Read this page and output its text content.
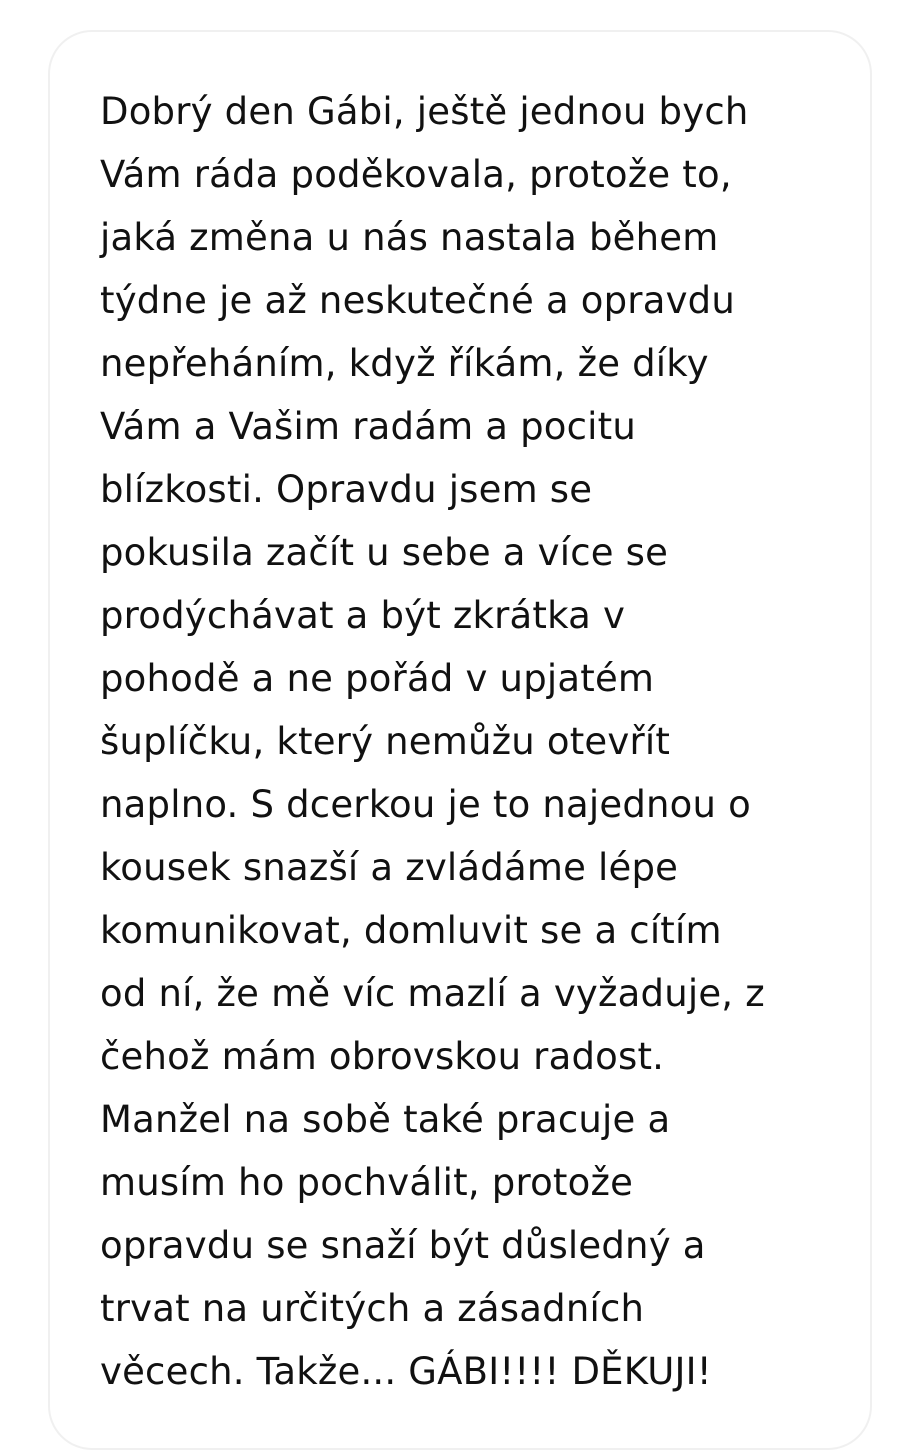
Dobrý den Gábi, ještě jednou bych
Vám ráda poděkovala, protože to,
jaká změna u nás nastala během
týdne je až neskutečné a opravdu
nepřeháním, když říkám, že díky
Vám a Vašim radám a pocitu
blízkosti. Opravdu jsem se
pokusila začít u sebe a více se
prodýchávat a být zkrátka v
pohodě a ne pořád v upjatém
šuplíčku, který nemůžu otevřít
naplno. S dcerkou je to najednou o
kousek snazší a zvládáme lépe
komunikovat, domluvit se a cítím
od ní, že mě víc mazlí a vyžaduje, z
čehož mám obrovskou radost.
Manžel na sobě také pracuje a
musím ho pochválit, protože
opravdu se snaží být důsledný a
trvat na určitých a zásadních
věcech. Takže... GÁBI!!!! DĚKUJI!
